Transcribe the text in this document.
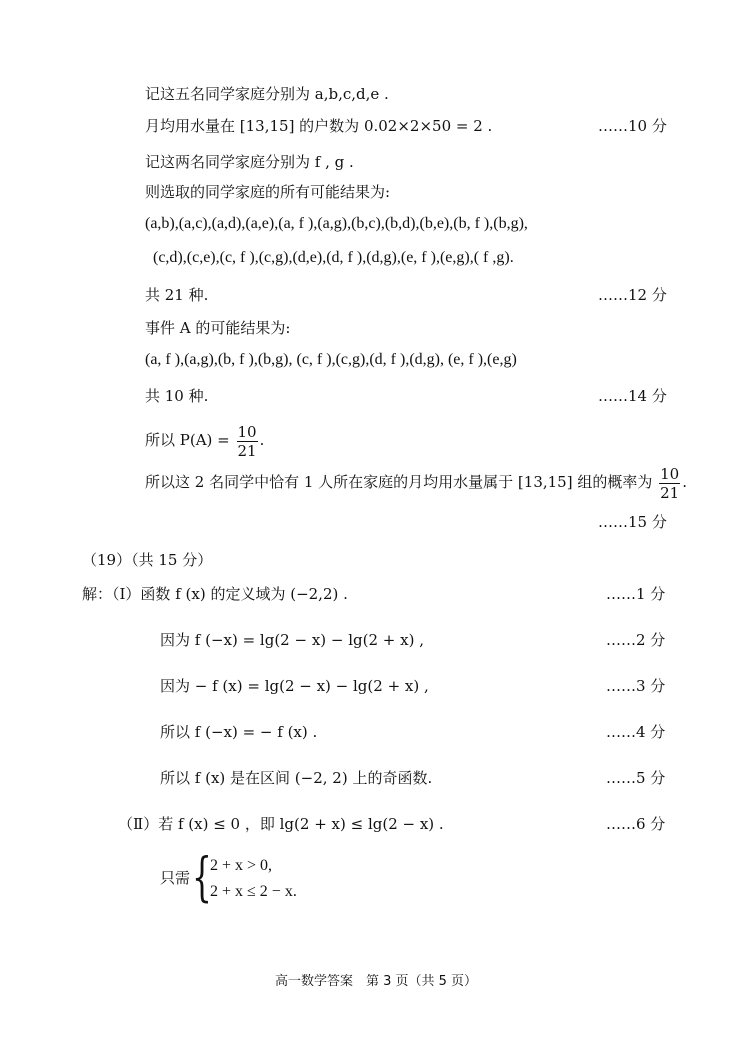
记这五名同学家庭分别为 a,b,c,d,e .
月均用水量在 [13,15] 的户数为 0.02×2×50 = 2 .	……10 分
记这两名同学家庭分别为 f , g .
则选取的同学家庭的所有可能结果为:
(a,b),(a,c),(a,d),(a,e),(a, f ),(a,g),(b,c),(b,d),(b,e),(b, f ),(b,g),
(c,d),(c,e),(c, f ),(c,g),(d,e),(d, f ),(d,g),(e, f ),(e,g),( f ,g).
共 21 种.	……12 分
事件 A 的可能结果为:
(a, f ),(a,g),(b, f ),(b,g), (c, f ),(c,g),(d, f ),(d,g), (e, f ),(e,g)
共 10 种.	……14 分
所以 $P(A) = \frac{10}{21}$ .
所以这 2 名同学中恰有 1 人所在家庭的月均用水量属于 [13,15] 组的概率为 $\frac{10}{21}$ .
……15 分
（19）（共 15 分）
解：（Ⅰ）函数 f (x) 的定义域为 (−2,2) .	……1 分
因为 f (−x) = lg(2 − x) − lg(2 + x) ,	……2 分
因为 − f (x) = lg(2 − x) − lg(2 + x) ,	……3 分
所以 f (−x) = − f (x) .	……4 分
所以 f (x) 是在区间 (−2, 2) 上的奇函数.	……5 分
（Ⅱ）若 f (x) ≤ 0 ，即 lg(2 + x) ≤ lg(2 − x) .	……6 分
只需 {
2 + x > 0,
2 + x ≤ 2 − x.
高一数学答案　第 3 页（共 5 页）
